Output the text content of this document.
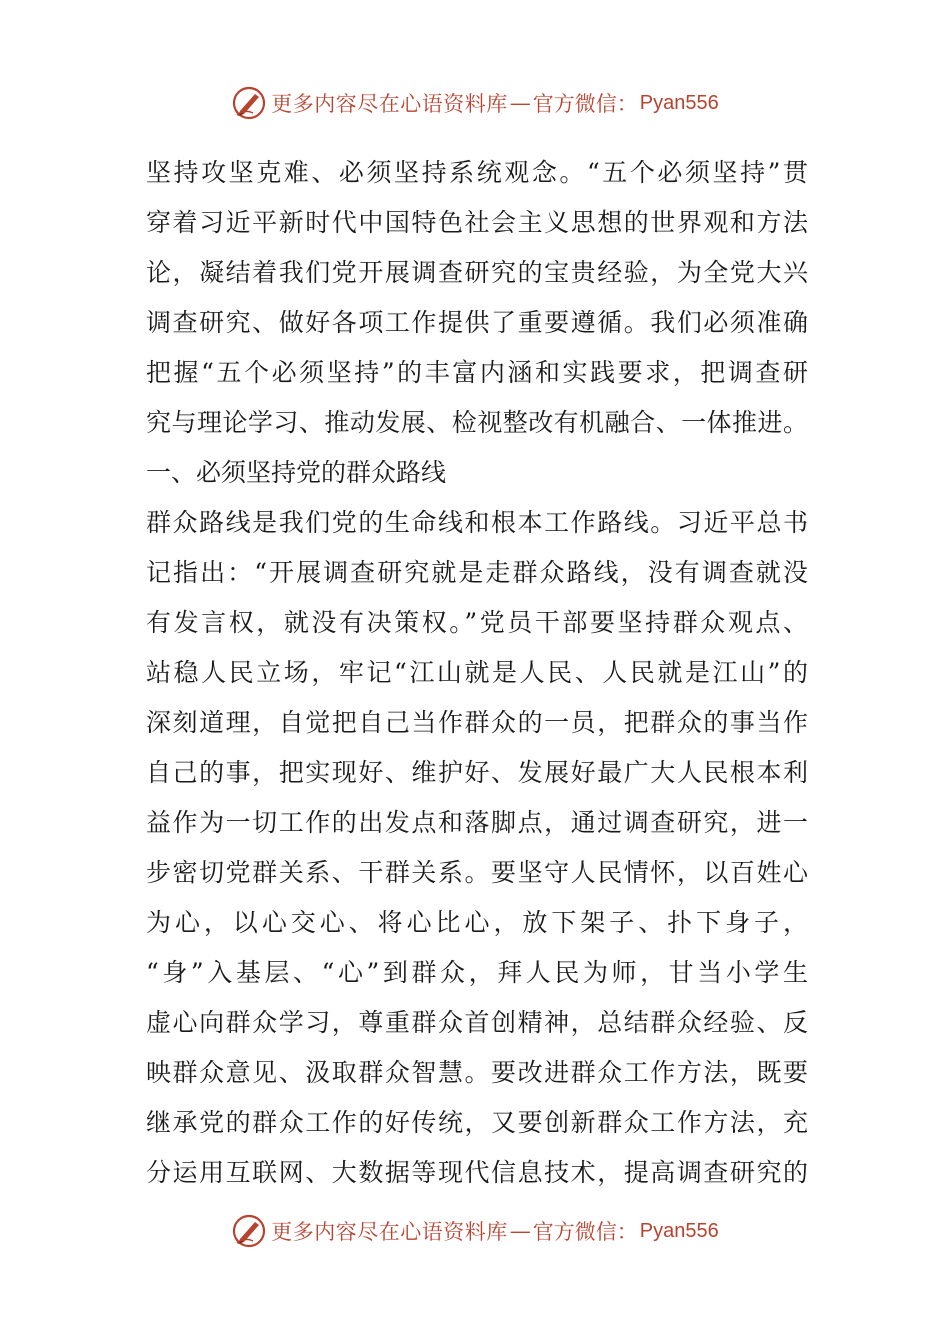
更多内容尽在心语资料库 — 官方微信： Pyan556
坚持攻坚克难、必须坚持系统观念。“五个必须坚持”贯
穿着习近平新时代中国特色社会主义思想的世界观和方法
论，凝结着我们党开展调查研究的宝贵经验，为全党大兴
调查研究、做好各项工作提供了重要遵循。我们必须准确
把握“五个必须坚持”的丰富内涵和实践要求，把调查研
究与理论学习、推动发展、检视整改有机融合、一体推进。
一、必须坚持党的群众路线
群众路线是我们党的生命线和根本工作路线。习近平总书
记指出：“开展调查研究就是走群众路线，没有调查就没
有发言权，就没有决策权。”党员干部要坚持群众观点、
站稳人民立场，牢记“江山就是人民、人民就是江山”的
深刻道理，自觉把自己当作群众的一员，把群众的事当作
自己的事，把实现好、维护好、发展好最广大人民根本利
益作为一切工作的出发点和落脚点，通过调查研究，进一
步密切党群关系、干群关系。要坚守人民情怀，以百姓心
为心，以心交心、将心比心，放下架子、扑下身子，
“身”入基层、“心”到群众，拜人民为师，甘当小学生
虚心向群众学习，尊重群众首创精神，总结群众经验、反
映群众意见、汲取群众智慧。要改进群众工作方法，既要
继承党的群众工作的好传统，又要创新群众工作方法，充
分运用互联网、大数据等现代信息技术，提高调查研究的
更多内容尽在心语资料库 — 官方微信： Pyan556
